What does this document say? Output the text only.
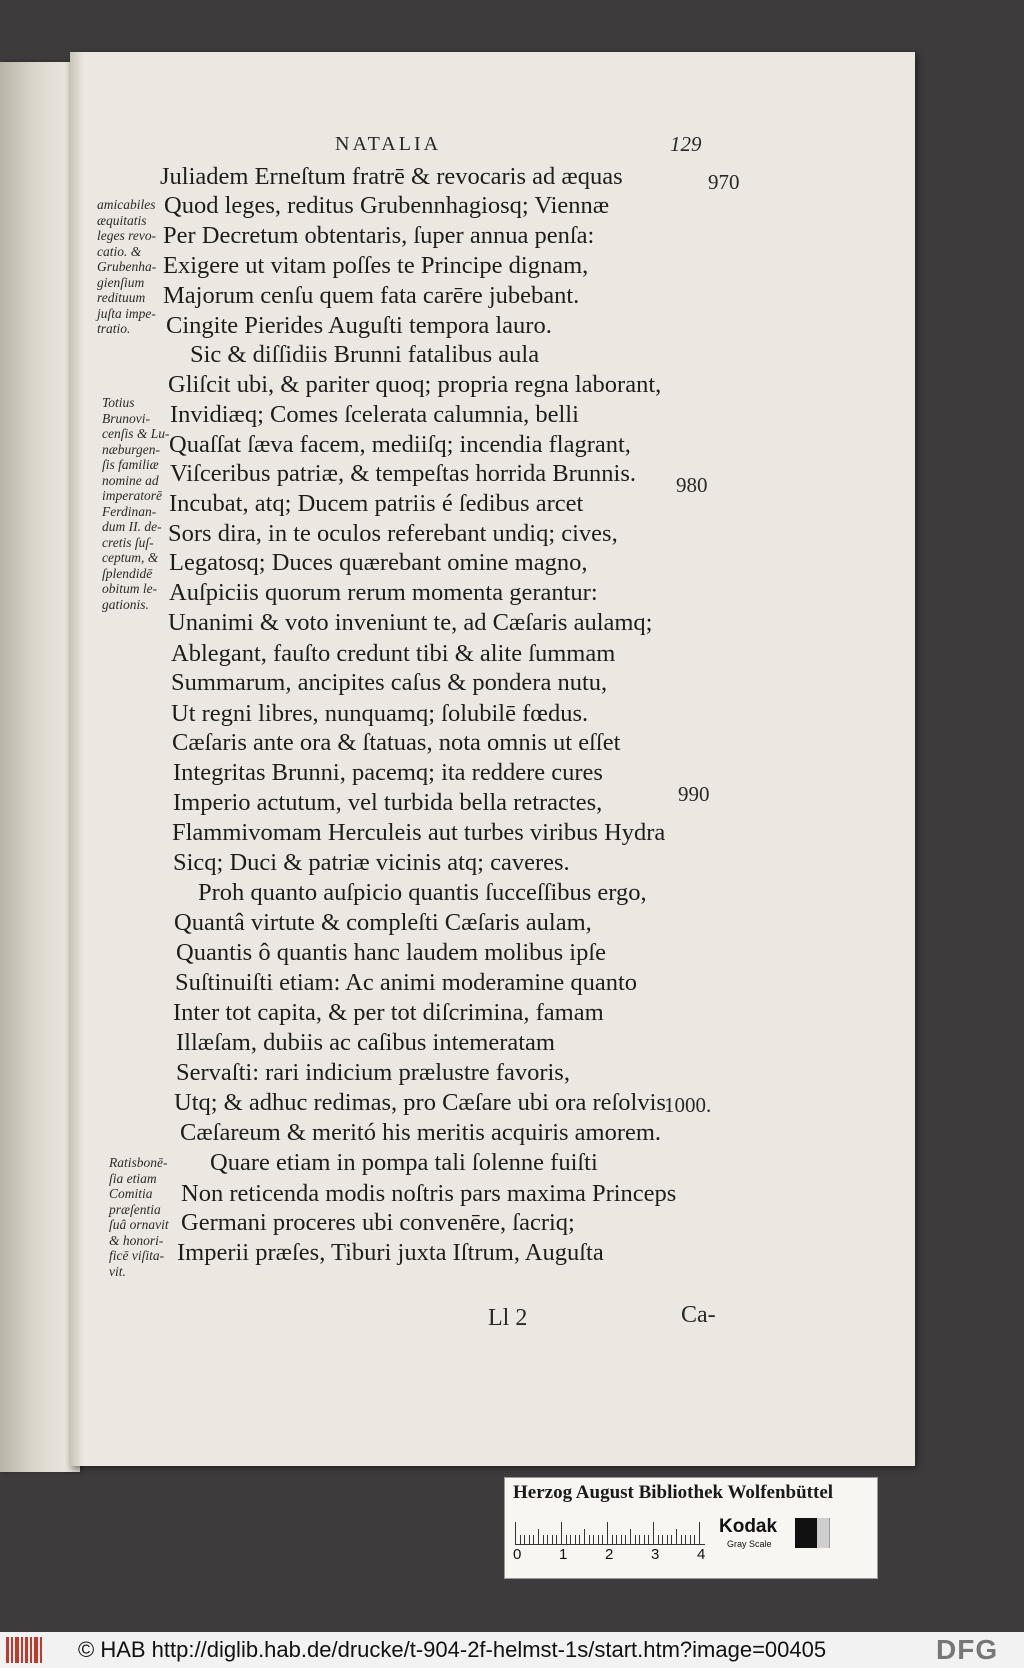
NATALIA	129
Juliadem Erneſtum fratrē & revocaris ad æquas
Quod leges, reditus Grubennhagiosq; Viennæ
Per Decretum obtentaris, ſuper annua penſa:
Exigere ut vitam poſſes te Principe dignam,
Majorum cenſu quem fata carēre jubebant.
Cingite Pierides Auguſti tempora lauro.
Sic & diſſidiis Brunni fatalibus aula
Gliſcit ubi, & pariter quoq; propria regna laborant,
Invidiæq; Comes ſcelerata calumnia, belli
Quaſſat ſæva facem, mediiſq; incendia flagrant,
Viſceribus patriæ, & tempeſtas horrida Brunnis.
Incubat, atq; Ducem patriis é ſedibus arcet
Sors dira, in te oculos referebant undiq; cives,
Legatosq; Duces quærebant omine magno,
Auſpiciis quorum rerum momenta gerantur:
Unanimi & voto inveniunt te, ad Cæſaris aulamq;
Ablegant, fauſto credunt tibi & alite ſummam
Summarum, ancipites caſus & pondera nutu,
Ut regni libres, nunquamq; ſolubilē fœdus.
Cæſaris ante ora & ſtatuas, nota omnis ut eſſet
Integritas Brunni, pacemq; ita reddere cures
Imperio actutum, vel turbida bella retractes,
Flammivomam Herculeis aut turbes viribus Hydra
Sicq; Duci & patriæ vicinis atq; caveres.
Proh quanto auſpicio quantis ſucceſſibus ergo,
Quantâ virtute & compleſti Cæſaris aulam,
Quantis ô quantis hanc laudem molibus ipſe
Suſtinuiſti etiam: Ac animi moderamine quanto
Inter tot capita, & per tot diſcrimina, famam
Illæſam, dubiis ac caſibus intemeratam
Servaſti: rari indicium prælustre favoris,
Utq; & adhuc redimas, pro Cæſare ubi ora reſolvis
Cæſareum & meritó his meritis acquiris amorem.
Quare etiam in pompa tali ſolenne fuiſti
Non reticenda modis noſtris pars maxima Princeps
Germani proceres ubi convenēre, ſacriq;
Imperii præſes, Tiburi juxta Iſtrum, Auguſta
970
980
990
1000.
amicabiles
æquitatis
leges revo-
catio. &
Grubenha-
gienſium
redituum
juſta impe-
tratio.
Totius
Brunovi-
cenſis & Lu-
næburgen-
ſis familiæ
nomine ad
imperatorē
Ferdinan-
dum II. de-
cretis ſuſ-
ceptum, &
ſplendidē
obitum le-
gationis.
Ratisbonē-
ſia etiam
Comitia
præſentia
ſuâ ornavit
& honori-
ficē viſita-
vit.
Ll 2	Ca-
Herzog August Bibliothek Wolfenbüttel
0	1	2	3	4
Kodak
Gray Scale
© HAB http://diglib.hab.de/drucke/t-904-2f-helmst-1s/start.htm?image=00405	DFG
